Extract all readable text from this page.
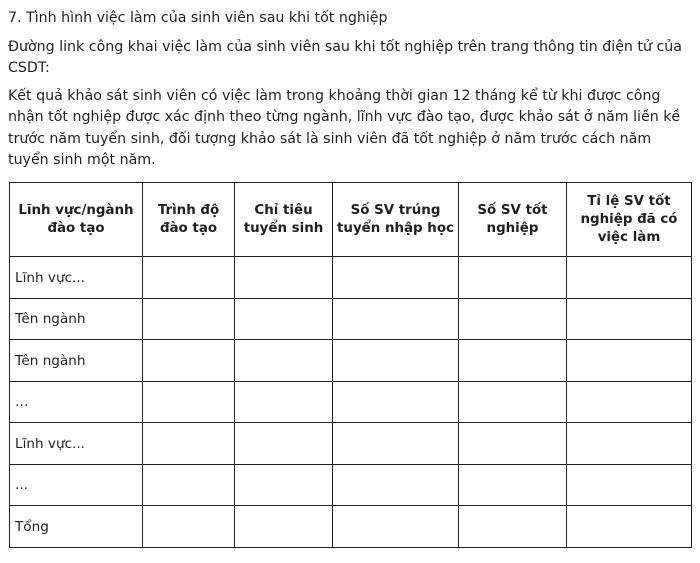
7. Tình hình việc làm của sinh viên sau khi tốt nghiệp

Đường link công khai việc làm của sinh viên sau khi tốt nghiệp trên trang thông tin điện tử của CSDT:

Kết quả khảo sát sinh viên có việc làm trong khoảng thời gian 12 tháng kể từ khi được công nhận tốt nghiệp được xác định theo từng ngành, lĩnh vực đào tạo, được khảo sát ở năm liền kề trước năm tuyển sinh, đối tượng khảo sát là sinh viên đã tốt nghiệp ở năm trước cách năm tuyển sinh một năm.

Lĩnh vực/ngành đào tạo	Trình độ đào tạo	Chỉ tiêu tuyển sinh	Số SV trúng tuyển nhập học	Số SV tốt nghiệp	Tỉ lệ SV tốt nghiệp đã có việc làm
Lĩnh vực...					
Tên ngành					
Tên ngành					
…					
Lĩnh vực...					
...					
Tổng					
